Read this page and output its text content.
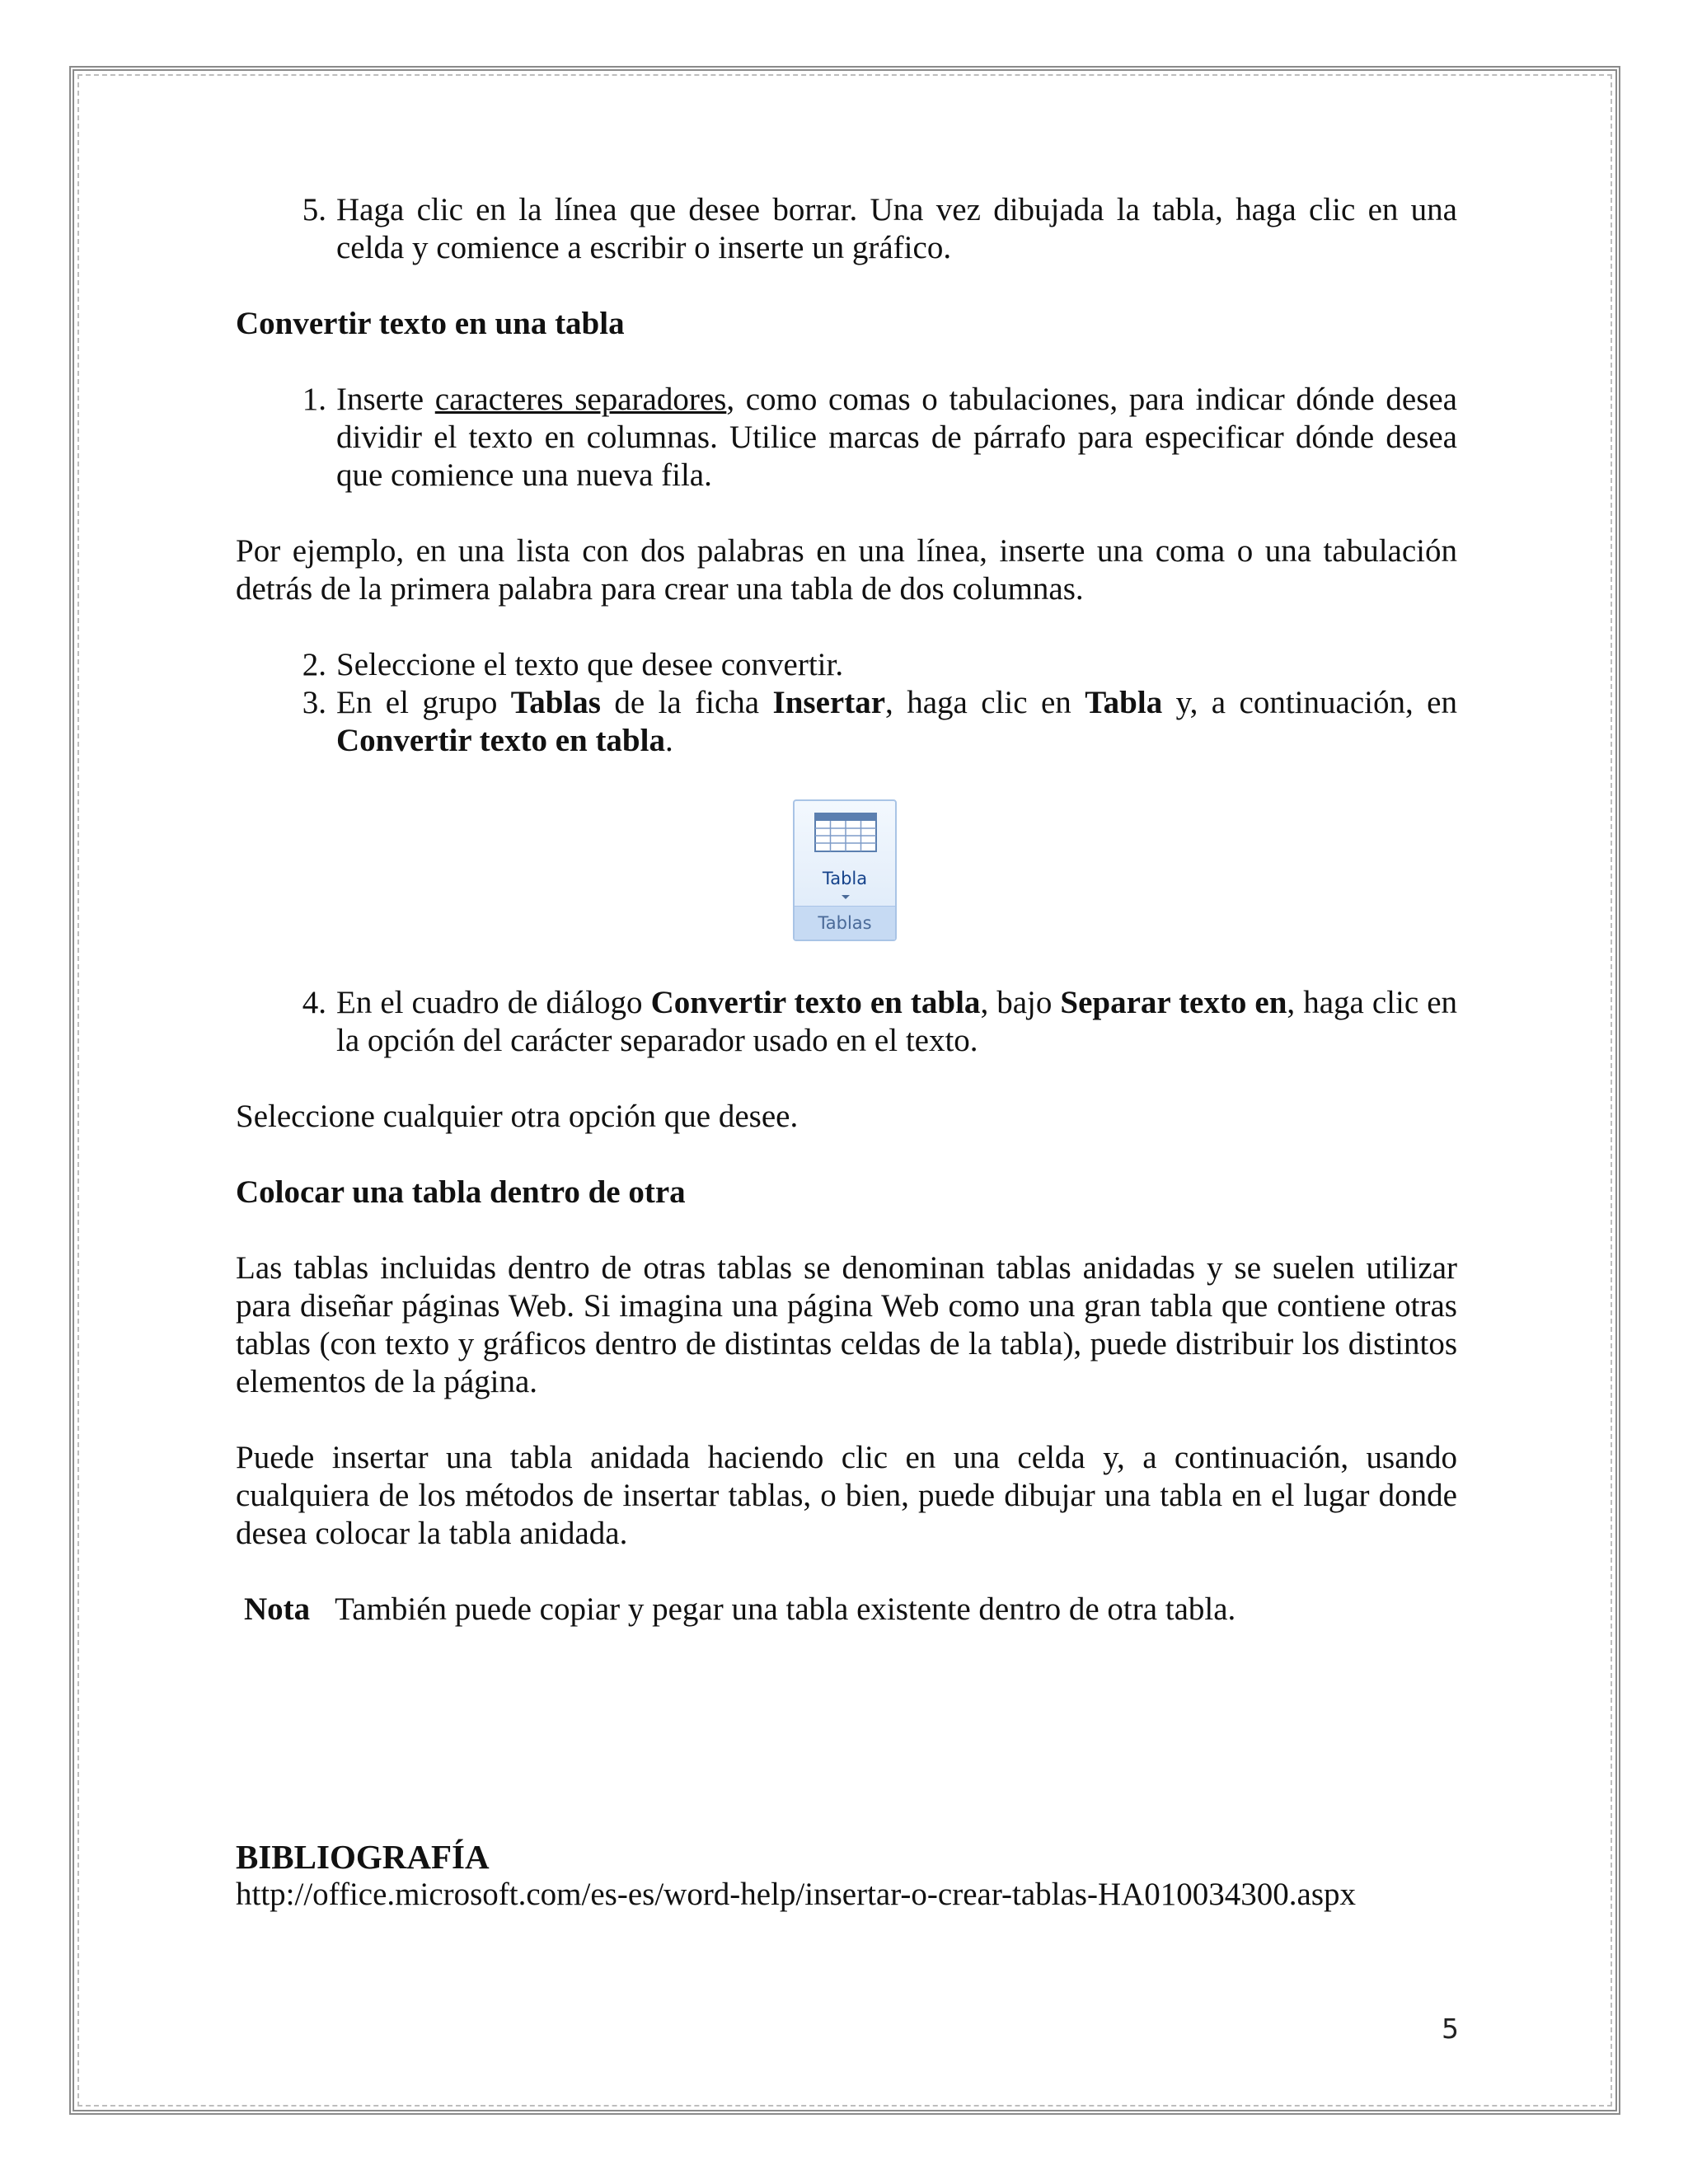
5. Haga clic en la línea que desee borrar. Una vez dibujada la tabla, haga clic en una celda y comience a escribir o inserte un gráfico.

Convertir texto en una tabla

1. Inserte caracteres separadores, como comas o tabulaciones, para indicar dónde desea dividir el texto en columnas. Utilice marcas de párrafo para especificar dónde desea que comience una nueva fila.

Por ejemplo, en una lista con dos palabras en una línea, inserte una coma o una tabulación detrás de la primera palabra para crear una tabla de dos columnas.

2. Seleccione el texto que desee convertir.

3. En el grupo Tablas de la ficha Insertar, haga clic en Tabla y, a continuación, en Convertir texto en tabla.

Tabla
Tablas
4. En el cuadro de diálogo Convertir texto en tabla, bajo Separar texto en, haga clic en la opción del carácter separador usado en el texto.

Seleccione cualquier otra opción que desee.

Colocar una tabla dentro de otra

Las tablas incluidas dentro de otras tablas se denominan tablas anidadas y se suelen utilizar para diseñar páginas Web. Si imagina una página Web como una gran tabla que contiene otras tablas (con texto y gráficos dentro de distintas celdas de la tabla), puede distribuir los distintos elementos de la página.

Puede insertar una tabla anidada haciendo clic en una celda y, a continuación, usando cualquiera de los métodos de insertar tablas, o bien, puede dibujar una tabla en el lugar donde desea colocar la tabla anidada.

Nota También puede copiar y pegar una tabla existente dentro de otra tabla.

BIBLIOGRAFÍA

http://office.microsoft.com/es-es/word-help/insertar-o-crear-tablas-HA010034300.aspx

5
